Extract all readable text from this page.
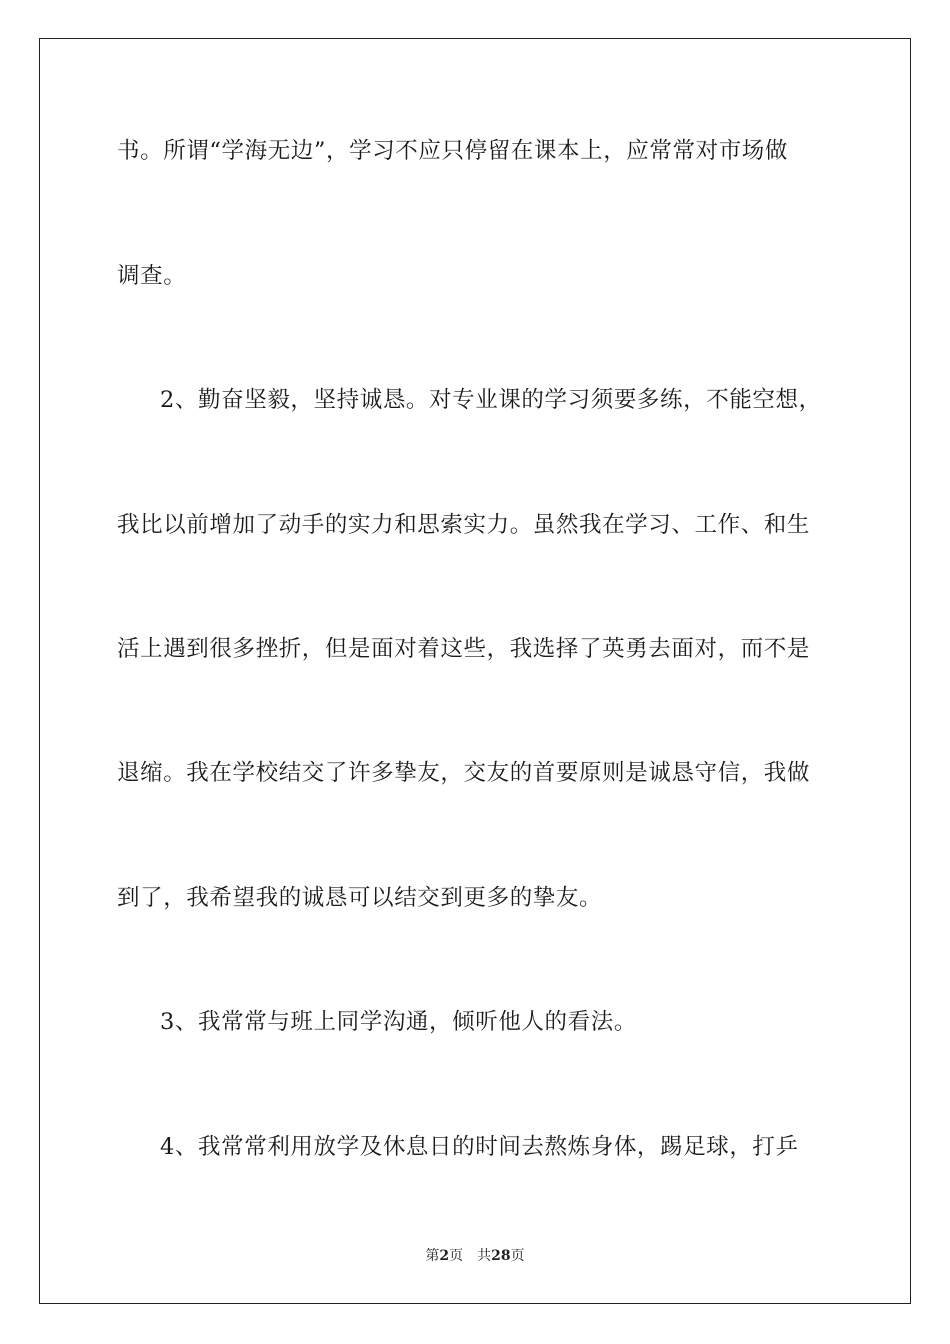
书。所谓“学海无边”，学习不应只停留在课本上，应常常对市场做
调查。
2、勤奋坚毅，坚持诚恳。对专业课的学习须要多练，不能空想，
我比以前增加了动手的实力和思索实力。虽然我在学习、工作、和生
活上遇到很多挫折，但是面对着这些，我选择了英勇去面对，而不是
退缩。我在学校结交了许多挚友，交友的首要原则是诚恳守信，我做
到了，我希望我的诚恳可以结交到更多的挚友。
3、我常常与班上同学沟通，倾听他人的看法。
4、我常常利用放学及休息日的时间去熬炼身体，踢足球，打乒
第2页 共28页
